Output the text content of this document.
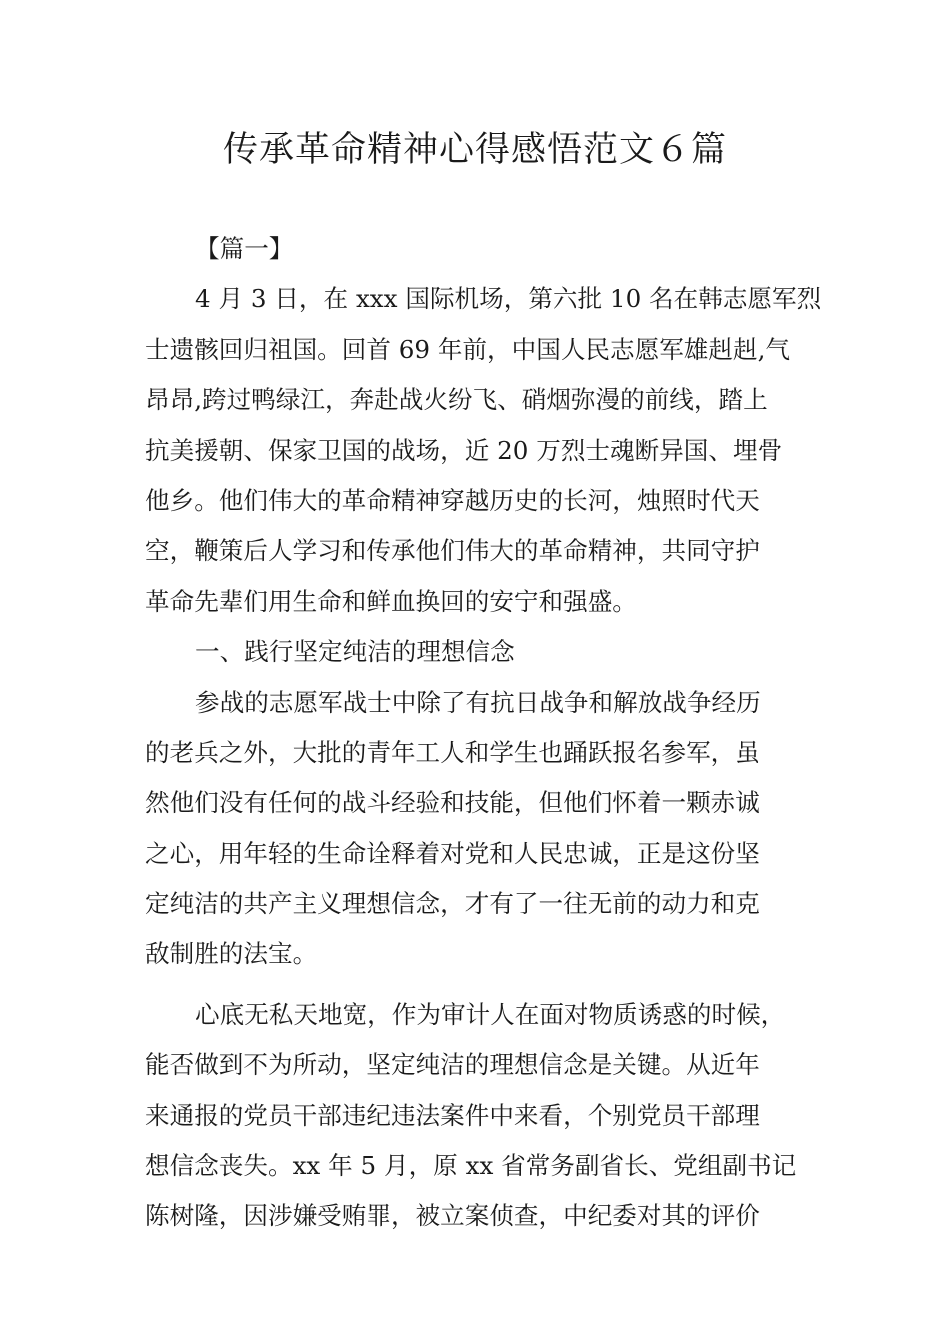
传承革命精神心得感悟范文６篇
【篇一】
4 月 3 日，在 xxx 国际机场，第六批 10 名在韩志愿军烈
士遗骸回归祖国。回首 69 年前，中国人民志愿军雄赳赳,气
昂昂,跨过鸭绿江，奔赴战火纷飞、硝烟弥漫的前线，踏上
抗美援朝、保家卫国的战场，近 20 万烈士魂断异国、埋骨
他乡。他们伟大的革命精神穿越历史的长河，烛照时代天
空，鞭策后人学习和传承他们伟大的革命精神，共同守护
革命先辈们用生命和鲜血换回的安宁和强盛。
一、践行坚定纯洁的理想信念
参战的志愿军战士中除了有抗日战争和解放战争经历
的老兵之外，大批的青年工人和学生也踊跃报名参军，虽
然他们没有任何的战斗经验和技能，但他们怀着一颗赤诚
之心，用年轻的生命诠释着对党和人民忠诚，正是这份坚
定纯洁的共产主义理想信念，才有了一往无前的动力和克
敌制胜的法宝。
心底无私天地宽，作为审计人在面对物质诱惑的时候，
能否做到不为所动，坚定纯洁的理想信念是关键。从近年
来通报的党员干部违纪违法案件中来看，个别党员干部理
想信念丧失。xx 年 5 月，原 xx 省常务副省长、党组副书记
陈树隆，因涉嫌受贿罪，被立案侦查，中纪委对其的评价
